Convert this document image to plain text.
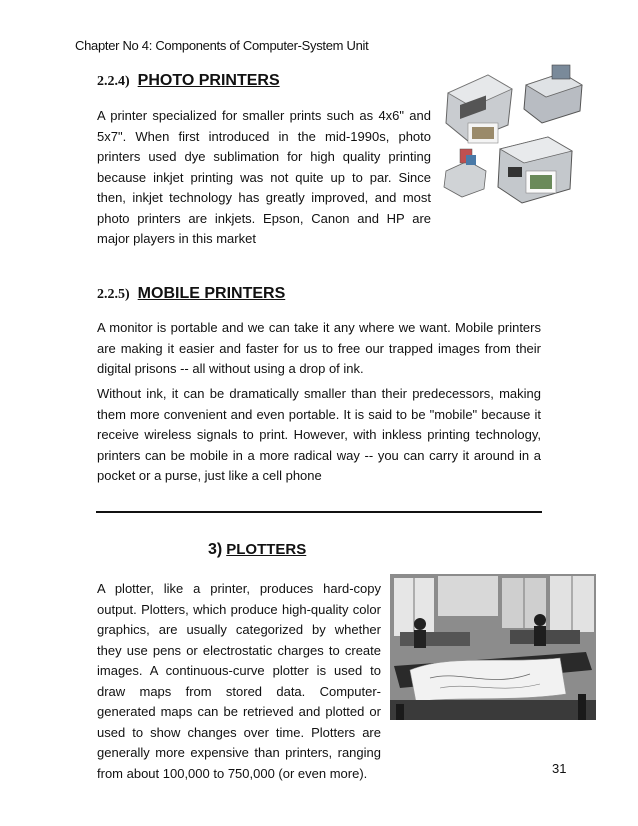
Chapter No 4: Components of Computer-System Unit
2.2.4) PHOTO PRINTERS

A printer specialized for smaller prints such as 4x6" and 5x7". When first introduced in the mid-1990s, photo printers used dye sublimation for high quality printing because inkjet printing was not quite up to par. Since then, inkjet technology has greatly improved, and most photo printers are inkjets. Epson, Canon and HP are major players in this market

2.2.5) MOBILE PRINTERS

A monitor is portable and we can take it any where we want. Mobile printers are making it easier and faster for us to free our trapped images from their digital prisons -- all without using a drop of ink.

Without ink, it can be dramatically smaller than their predecessors, making them more convenient and even portable. It is said to be "mobile" because it receive wireless signals to print. However, with inkless printing technology, printers can be mobile in a more radical way -- you can carry it around in a pocket or a purse, just like a cell phone

3) PLOTTERS

A plotter, like a printer, produces hard-copy output. Plotters, which produce high-quality color graphics, are usually categorized by whether they use pens or electrostatic charges to create images. A continuous-curve plotter is used to draw maps from stored data. Computer-generated maps can be retrieved and plotted or used to show changes over time. Plotters are generally more expensive than printers, ranging from about 100,000 to 750,000 (or even more).	31
